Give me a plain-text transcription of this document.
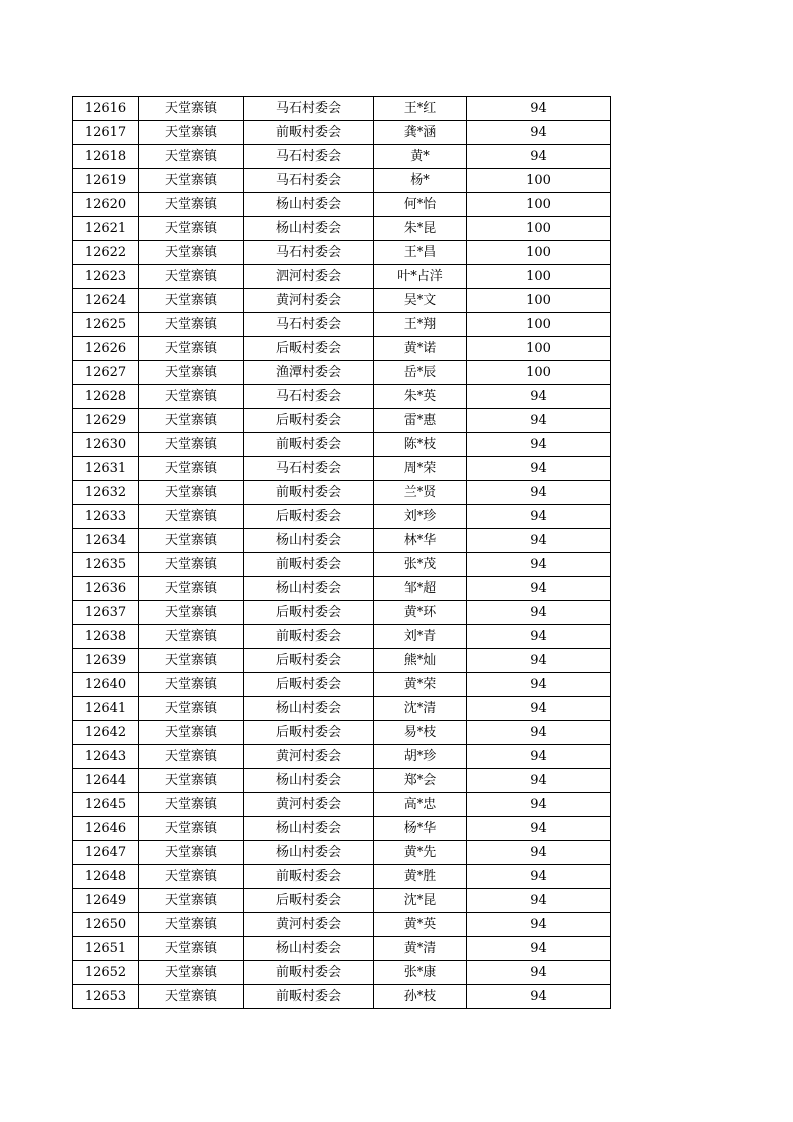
12616	天堂寨镇	马石村委会	王*红	94
12617	天堂寨镇	前畈村委会	龚*涵	94
12618	天堂寨镇	马石村委会	黄*	94
12619	天堂寨镇	马石村委会	杨*	100
12620	天堂寨镇	杨山村委会	何*怡	100
12621	天堂寨镇	杨山村委会	朱*昆	100
12622	天堂寨镇	马石村委会	王*昌	100
12623	天堂寨镇	泗河村委会	叶*占洋	100
12624	天堂寨镇	黄河村委会	吴*文	100
12625	天堂寨镇	马石村委会	王*翔	100
12626	天堂寨镇	后畈村委会	黄*诺	100
12627	天堂寨镇	渔潭村委会	岳*辰	100
12628	天堂寨镇	马石村委会	朱*英	94
12629	天堂寨镇	后畈村委会	雷*惠	94
12630	天堂寨镇	前畈村委会	陈*枝	94
12631	天堂寨镇	马石村委会	周*荣	94
12632	天堂寨镇	前畈村委会	兰*贤	94
12633	天堂寨镇	后畈村委会	刘*珍	94
12634	天堂寨镇	杨山村委会	林*华	94
12635	天堂寨镇	前畈村委会	张*茂	94
12636	天堂寨镇	杨山村委会	邹*超	94
12637	天堂寨镇	后畈村委会	黄*环	94
12638	天堂寨镇	前畈村委会	刘*青	94
12639	天堂寨镇	后畈村委会	熊*灿	94
12640	天堂寨镇	后畈村委会	黄*荣	94
12641	天堂寨镇	杨山村委会	沈*清	94
12642	天堂寨镇	后畈村委会	易*枝	94
12643	天堂寨镇	黄河村委会	胡*珍	94
12644	天堂寨镇	杨山村委会	郑*会	94
12645	天堂寨镇	黄河村委会	高*忠	94
12646	天堂寨镇	杨山村委会	杨*华	94
12647	天堂寨镇	杨山村委会	黄*先	94
12648	天堂寨镇	前畈村委会	黄*胜	94
12649	天堂寨镇	后畈村委会	沈*昆	94
12650	天堂寨镇	黄河村委会	黄*英	94
12651	天堂寨镇	杨山村委会	黄*清	94
12652	天堂寨镇	前畈村委会	张*康	94
12653	天堂寨镇	前畈村委会	孙*枝	94
